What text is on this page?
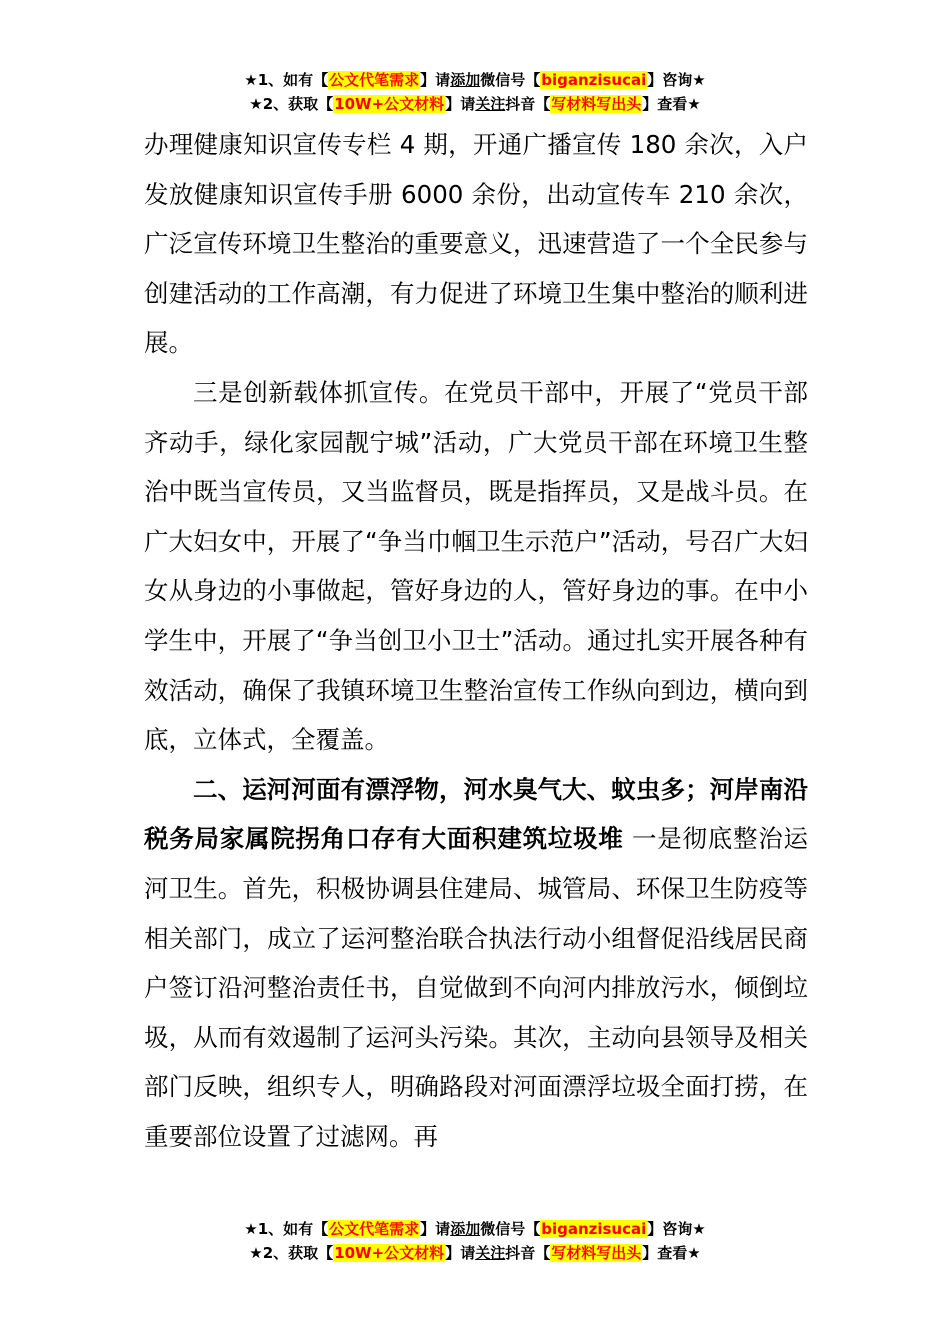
★1、如有【公文代笔需求】请添加微信号【biganzisucai】咨询★
★2、获取【10W+公文材料】请关注抖音【写材料写出头】查看★

办理健康知识宣传专栏 4 期，开通广播宣传 180 余次，入户发放健康知识宣传手册 6000 余份，出动宣传车 210 余次，广泛宣传环境卫生整治的重要意义，迅速营造了一个全民参与创建活动的工作高潮，有力促进了环境卫生集中整治的顺利进展。

三是创新载体抓宣传。在党员干部中，开展了“党员干部齐动手，绿化家园靓宁城”活动，广大党员干部在环境卫生整治中既当宣传员，又当监督员，既是指挥员，又是战斗员。在广大妇女中，开展了“争当巾帼卫生示范户”活动，号召广大妇女从身边的小事做起，管好身边的人，管好身边的事。在中小学生中，开展了“争当创卫小卫士”活动。通过扎实开展各种有效活动，确保了我镇环境卫生整治宣传工作纵向到边，横向到底，立体式，全覆盖。

二、运河河面有漂浮物，河水臭气大、蚊虫多；河岸南沿税务局家属院拐角口存有大面积建筑垃圾堆 一是彻底整治运河卫生。首先，积极协调县住建局、城管局、环保卫生防疫等相关部门，成立了运河整治联合执法行动小组督促沿线居民商户签订沿河整治责任书，自觉做到不向河内排放污水，倾倒垃圾，从而有效遏制了运河头污染。其次，主动向县领导及相关部门反映，组织专人，明确路段对河面漂浮垃圾全面打捞，在重要部位设置了过滤网。再

★1、如有【公文代笔需求】请添加微信号【biganzisucai】咨询★
★2、获取【10W+公文材料】请关注抖音【写材料写出头】查看★
